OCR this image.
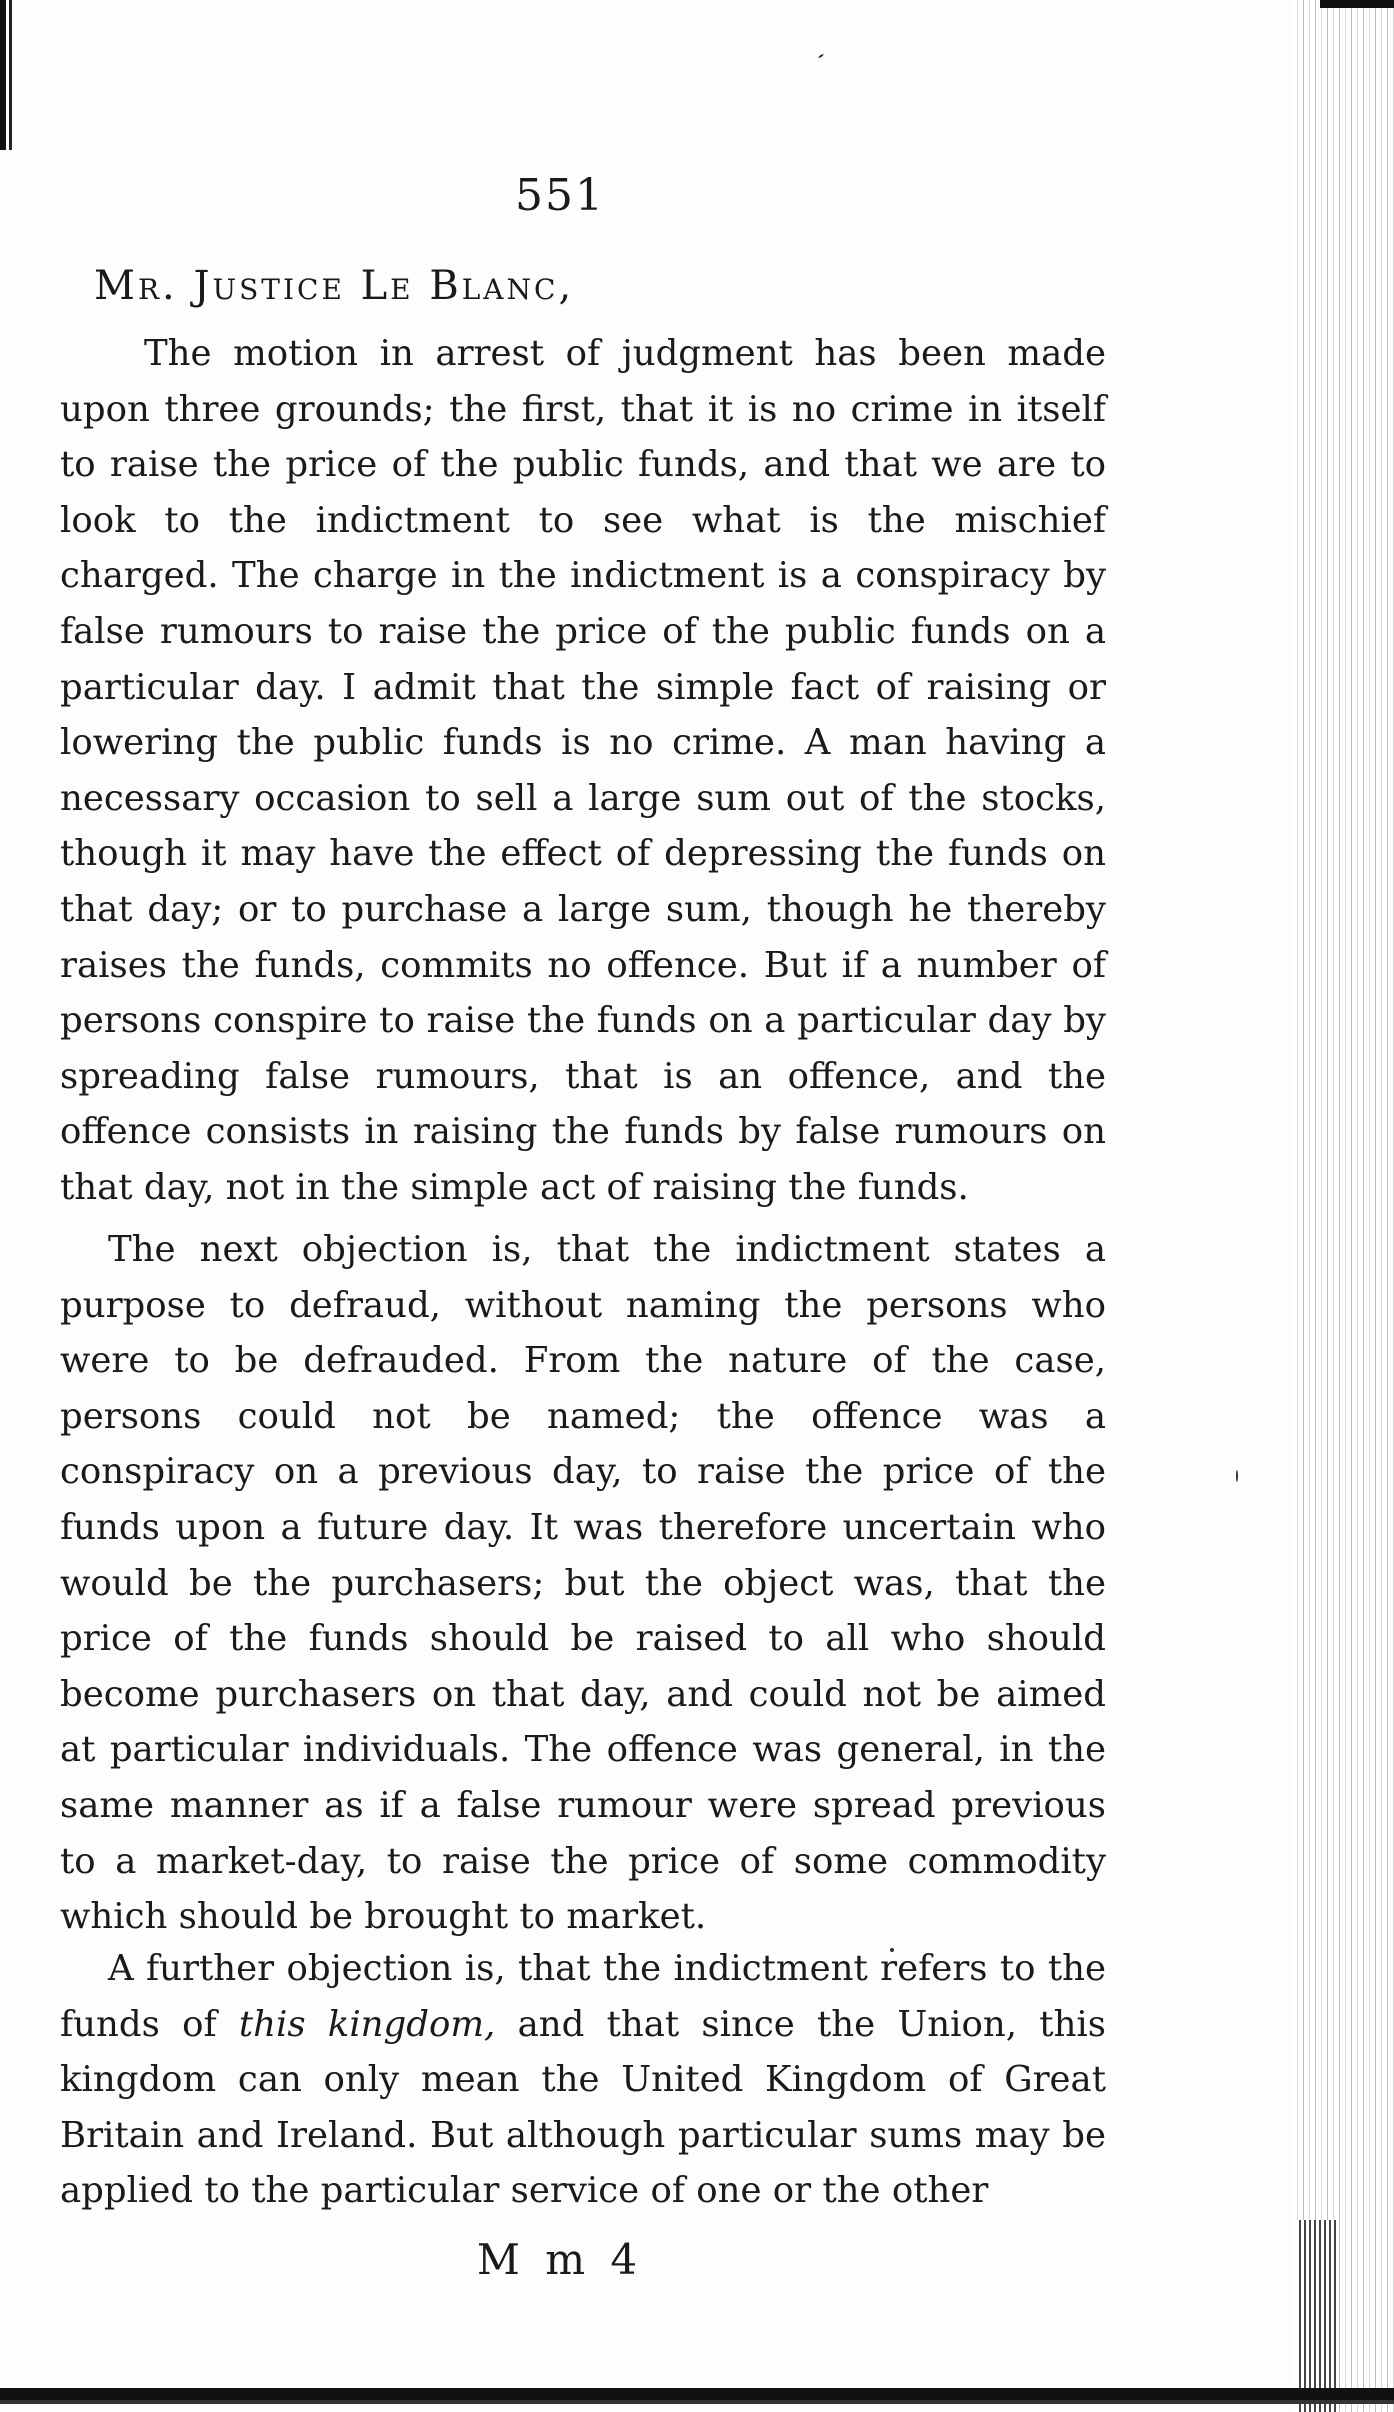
551
Mr. Justice Le Blanc,

The motion in arrest of judgment has been made upon three grounds; the first, that it is no crime in itself to raise the price of the public funds, and that we are to look to the indictment to see what is the mischief charged. The charge in the indictment is a conspiracy by false rumours to raise the price of the public funds on a particular day. I admit that the simple fact of raising or lowering the public funds is no crime. A man having a necessary occasion to sell a large sum out of the stocks, though it may have the effect of depressing the funds on that day; or to purchase a large sum, though he thereby raises the funds, commits no offence. But if a number of persons conspire to raise the funds on a particular day by spreading false rumours, that is an offence, and the offence consists in raising the funds by false rumours on that day, not in the simple act of raising the funds.

The next objection is, that the indictment states a purpose to defraud, without naming the persons who were to be defrauded. From the nature of the case, persons could not be named; the offence was a conspiracy on a previous day, to raise the price of the funds upon a future day. It was therefore uncertain who would be the purchasers; but the object was, that the price of the funds should be raised to all who should become purchasers on that day, and could not be aimed at particular individuals. The offence was general, in the same manner as if a false rumour were spread previous to a market-day, to raise the price of some commodity which should be brought to market.

A further objection is, that the indictment refers to the funds of this kingdom, and that since the Union, this kingdom can only mean the United Kingdom of Great Britain and Ireland. But although particular sums may be applied to the particular service of one or the other

M m 4
